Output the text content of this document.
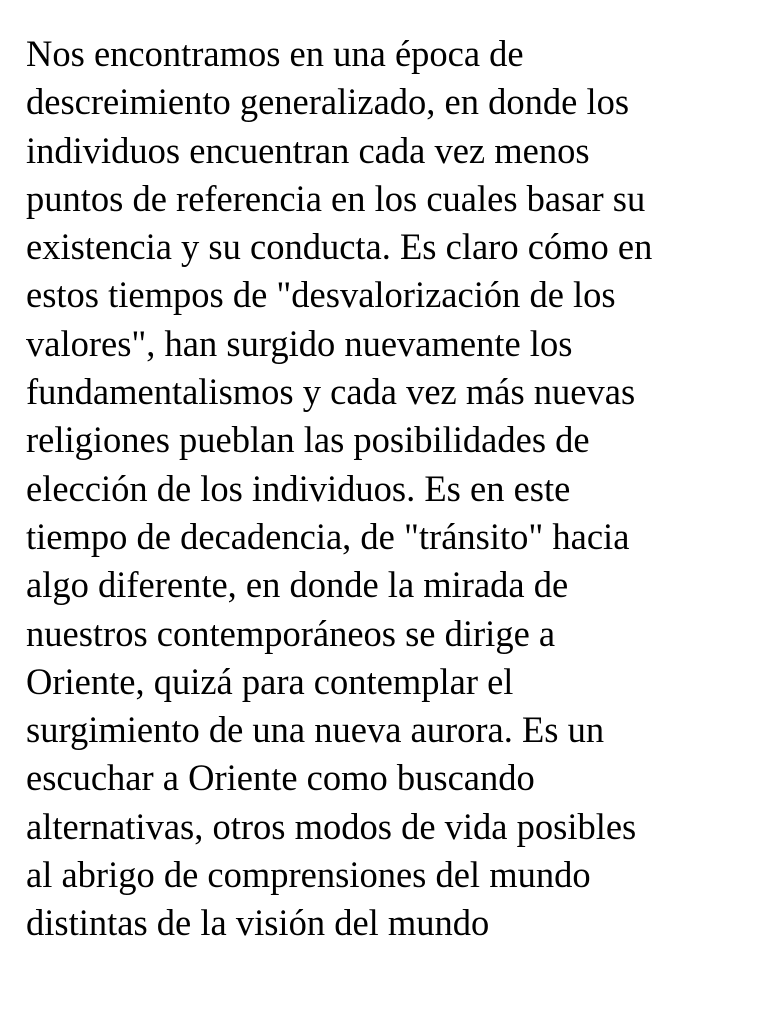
Nos encontramos en una época de
descreimiento generalizado, en donde los
individuos encuentran cada vez menos
puntos de referencia en los cuales basar su
existencia y su conducta. Es claro cómo en
estos tiempos de "desvalorización de los
valores", han surgido nuevamente los
fundamentalismos y cada vez más nuevas
religiones pueblan las posibilidades de
elección de los individuos. Es en este
tiempo de decadencia, de "tránsito" hacia
algo diferente, en donde la mirada de
nuestros contemporáneos se dirige a
Oriente, quizá para contemplar el
surgimiento de una nueva aurora. Es un
escuchar a Oriente como buscando
alternativas, otros modos de vida posibles
al abrigo de comprensiones del mundo
distintas de la visión del mundo
